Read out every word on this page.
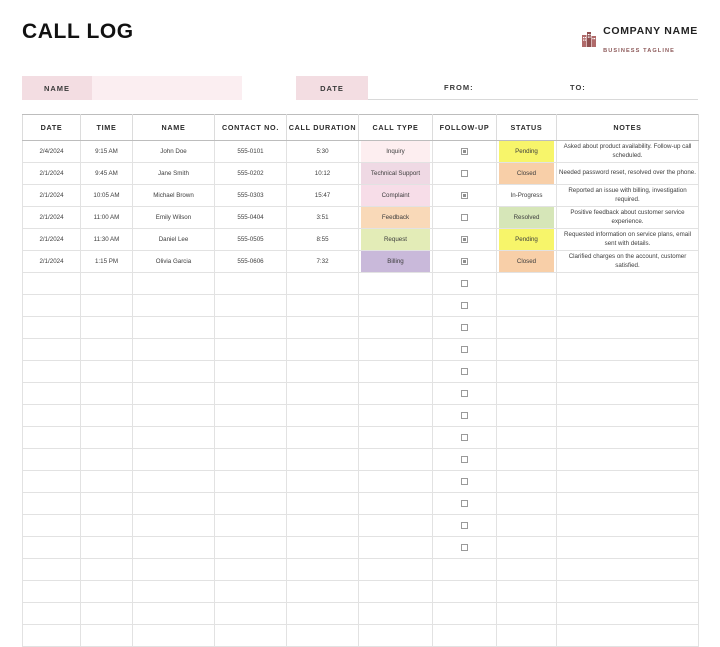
CALL LOG	COMPANY NAME
BUSINESS TAGLINE
NAME	DATE	FROM:	TO:
DATE	TIME	NAME	CONTACT NO.	CALL DURATION	CALL TYPE	FOLLOW-UP	STATUS	NOTES
2/4/2024	9:15 AM	John Doe	555-0101	5:30	Inquiry		Pending	Asked about product availability. Follow-up call scheduled.
2/1/2024	9:45 AM	Jane Smith	555-0202	10:12	Technical Support		Closed	Needed password reset, resolved over the phone.
2/1/2024	10:05 AM	Michael Brown	555-0303	15:47	Complaint		In-Progress	Reported an issue with billing, investigation required.
2/1/2024	11:00 AM	Emily Wilson	555-0404	3:51	Feedback		Resolved	Positive feedback about customer service experience.
2/1/2024	11:30 AM	Daniel Lee	555-0505	8:55	Request		Pending	Requested information on service plans, email sent with details.
2/1/2024	1:15 PM	Olivia Garcia	555-0606	7:32	Billing		Closed	Clarified charges on the account, customer satisfied.
